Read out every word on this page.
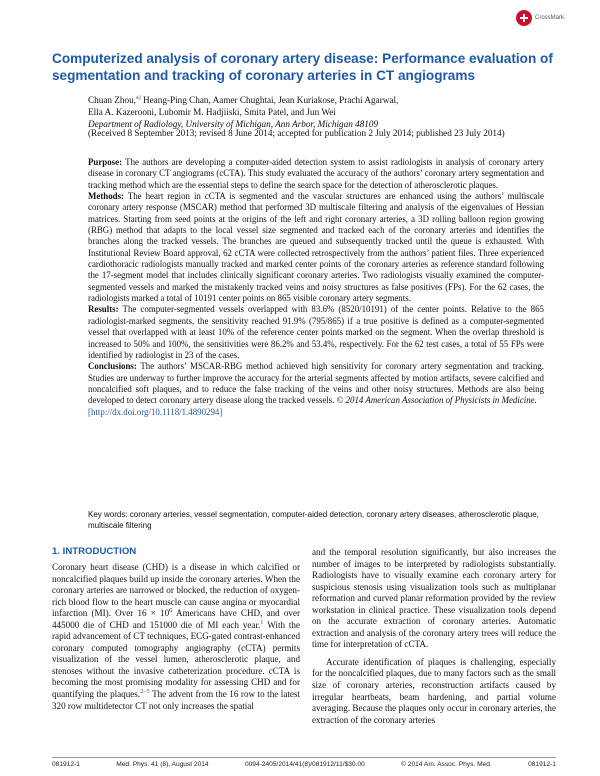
CrossMark
Computerized analysis of coronary artery disease: Performance evaluation of segmentation and tracking of coronary arteries in CT angiograms
Chuan Zhou,$^{a)}$ Heang-Ping Chan, Aamer Chughtai, Jean Kuriakose, Prachi Agarwal,
Ella A. Kazerooni, Lubomir M. Hadjiiski, Smita Patel, and Jun Wei
Department of Radiology, University of Michigan, Ann Arbor, Michigan 48109
(Received 8 September 2013; revised 8 June 2014; accepted for publication 2 July 2014; published 23 July 2014)

Purpose: The authors are developing a computer-aided detection system to assist radiologists in analysis of coronary artery disease in coronary CT angiograms (cCTA). This study evaluated the accuracy of the authors’ coronary artery segmentation and tracking method which are the essential steps to define the search space for the detection of atherosclerotic plaques.

Methods: The heart region in cCTA is segmented and the vascular structures are enhanced using the authors’ multiscale coronary artery response (MSCAR) method that performed 3D multiscale filtering and analysis of the eigenvalues of Hessian matrices. Starting from seed points at the origins of the left and right coronary arteries, a 3D rolling balloon region growing (RBG) method that adapts to the local vessel size segmented and tracked each of the coronary arteries and identifies the branches along the tracked vessels. The branches are queued and subsequently tracked until the queue is exhausted. With Institutional Review Board approval, 62 cCTA were collected retrospectively from the authors’ patient files. Three experienced cardiothoracic radiologists manually tracked and marked center points of the coronary arteries as reference standard following the 17-segment model that includes clinically significant coronary arteries. Two radiologists visually examined the computer-segmented vessels and marked the mistakenly tracked veins and noisy structures as false positives (FPs). For the 62 cases, the radiologists marked a total of 10191 center points on 865 visible coronary artery segments.

Results: The computer-segmented vessels overlapped with 83.6% (8520/10191) of the center points. Relative to the 865 radiologist-marked segments, the sensitivity reached 91.9% (795/865) if a true positive is defined as a computer-segmented vessel that overlapped with at least 10% of the reference center points marked on the segment. When the overlap threshold is increased to 50% and 100%, the sensitivities were 86.2% and 53.4%, respectively. For the 62 test cases, a total of 55 FPs were identified by radiologist in 23 of the cases.

Conclusions: The authors’ MSCAR-RBG method achieved high sensitivity for coronary artery segmentation and tracking. Studies are underway to further improve the accuracy for the arterial segments affected by motion artifacts, severe calcified and noncalcified soft plaques, and to reduce the false tracking of the veins and other noisy structures. Methods are also being developed to detect coronary artery disease along the tracked vessels. © 2014 American Association of Physicists in Medicine.
[http://dx.doi.org/10.1118/1.4890294]

Key words: coronary arteries, vessel segmentation, computer-aided detection, coronary artery diseases, atherosclerotic plaque, multiscale filtering
1. INTRODUCTION

Coronary heart disease (CHD) is a disease in which calcified or noncalcified plaques build up inside the coronary arteries. When the coronary arteries are narrowed or blocked, the reduction of oxygen-rich blood flow to the heart muscle can cause angina or myocardial infarction (MI). Over $16 \times 10^6$ Americans have CHD, and over 445000 die of CHD and 151000 die of MI each year.$^1$ With the rapid advancement of CT techniques, ECG-gated contrast-enhanced coronary computed tomography angiography (cCTA) permits visualization of the vessel lumen, atherosclerotic plaque, and stenoses without the invasive catheterization procedure. cCTA is becoming the most promising modality for assessing CHD and for quantifying the plaques.$^{2-5}$ The advent from the 16 row to the latest 320 row multidetector CT not only increases the spatial

and the temporal resolution significantly, but also increases the number of images to be interpreted by radiologists substantially. Radiologists have to visually examine each coronary artery for suspicious stenosis using visualization tools such as multiplanar reformation and curved planar reformation provided by the review workstation in clinical practice. These visualization tools depend on the accurate extraction of coronary arteries. Automatic extraction and analysis of the coronary artery trees will reduce the time for interpretation of cCTA.

Accurate identification of plaques is challenging, especially for the noncalcified plaques, due to many factors such as the small size of coronary arteries, reconstruction artifacts caused by irregular heartbeats, beam hardening, and partial volume averaging. Because the plaques only occur in coronary arteries, the extraction of the coronary arteries

081912-1	Med. Phys. 41 (8), August 2014	0094-2405/2014/41(8)/081912/11/$30.00	© 2014 Am. Assoc. Phys. Med.	081912-1
